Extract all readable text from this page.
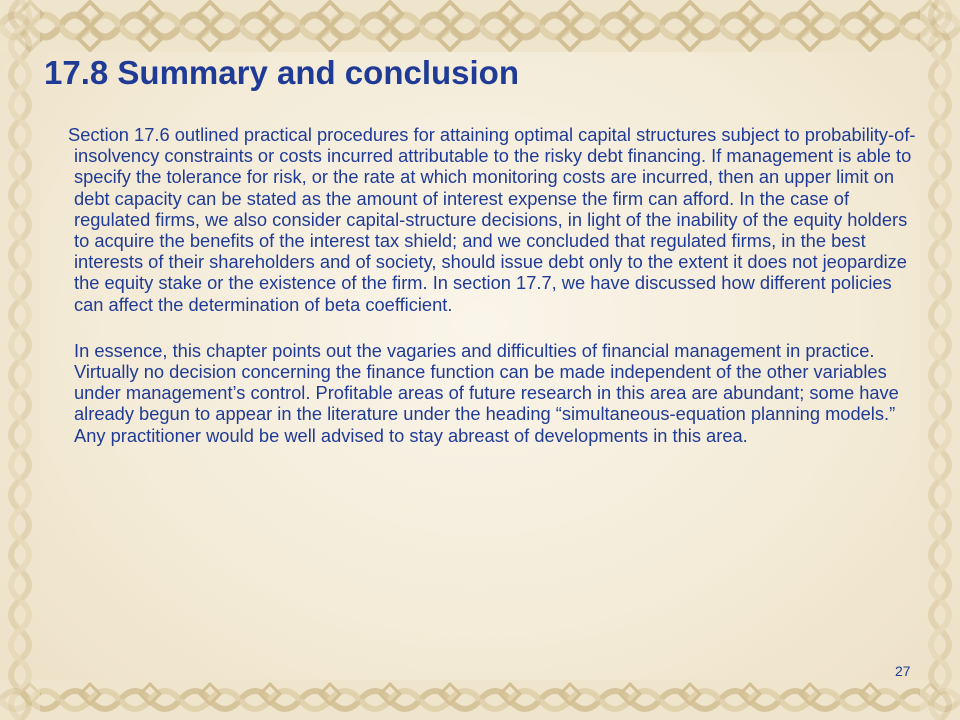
17.8 Summary and conclusion

Section 17.6 outlined practical procedures for attaining optimal capital structures subject to probability-of-insolvency constraints or costs incurred attributable to the risky debt financing. If management is able to specify the tolerance for risk, or the rate at which monitoring costs are incurred, then an upper limit on debt capacity can be stated as the amount of interest expense the firm can afford. In the case of regulated firms, we also consider capital-structure decisions, in light of the inability of the equity holders to acquire the benefits of the interest tax shield; and we concluded that regulated firms, in the best interests of their shareholders and of society, should issue debt only to the extent it does not jeopardize the equity stake or the existence of the firm. In section 17.7, we have discussed how different policies can affect the determination of beta coefficient.

In essence, this chapter points out the vagaries and difficulties of financial management in practice. Virtually no decision concerning the finance function can be made independent of the other variables under management’s control. Profitable areas of future research in this area are abundant; some have already begun to appear in the literature under the heading “simultaneous-equation planning models.” Any practitioner would be well advised to stay abreast of developments in this area.

27
